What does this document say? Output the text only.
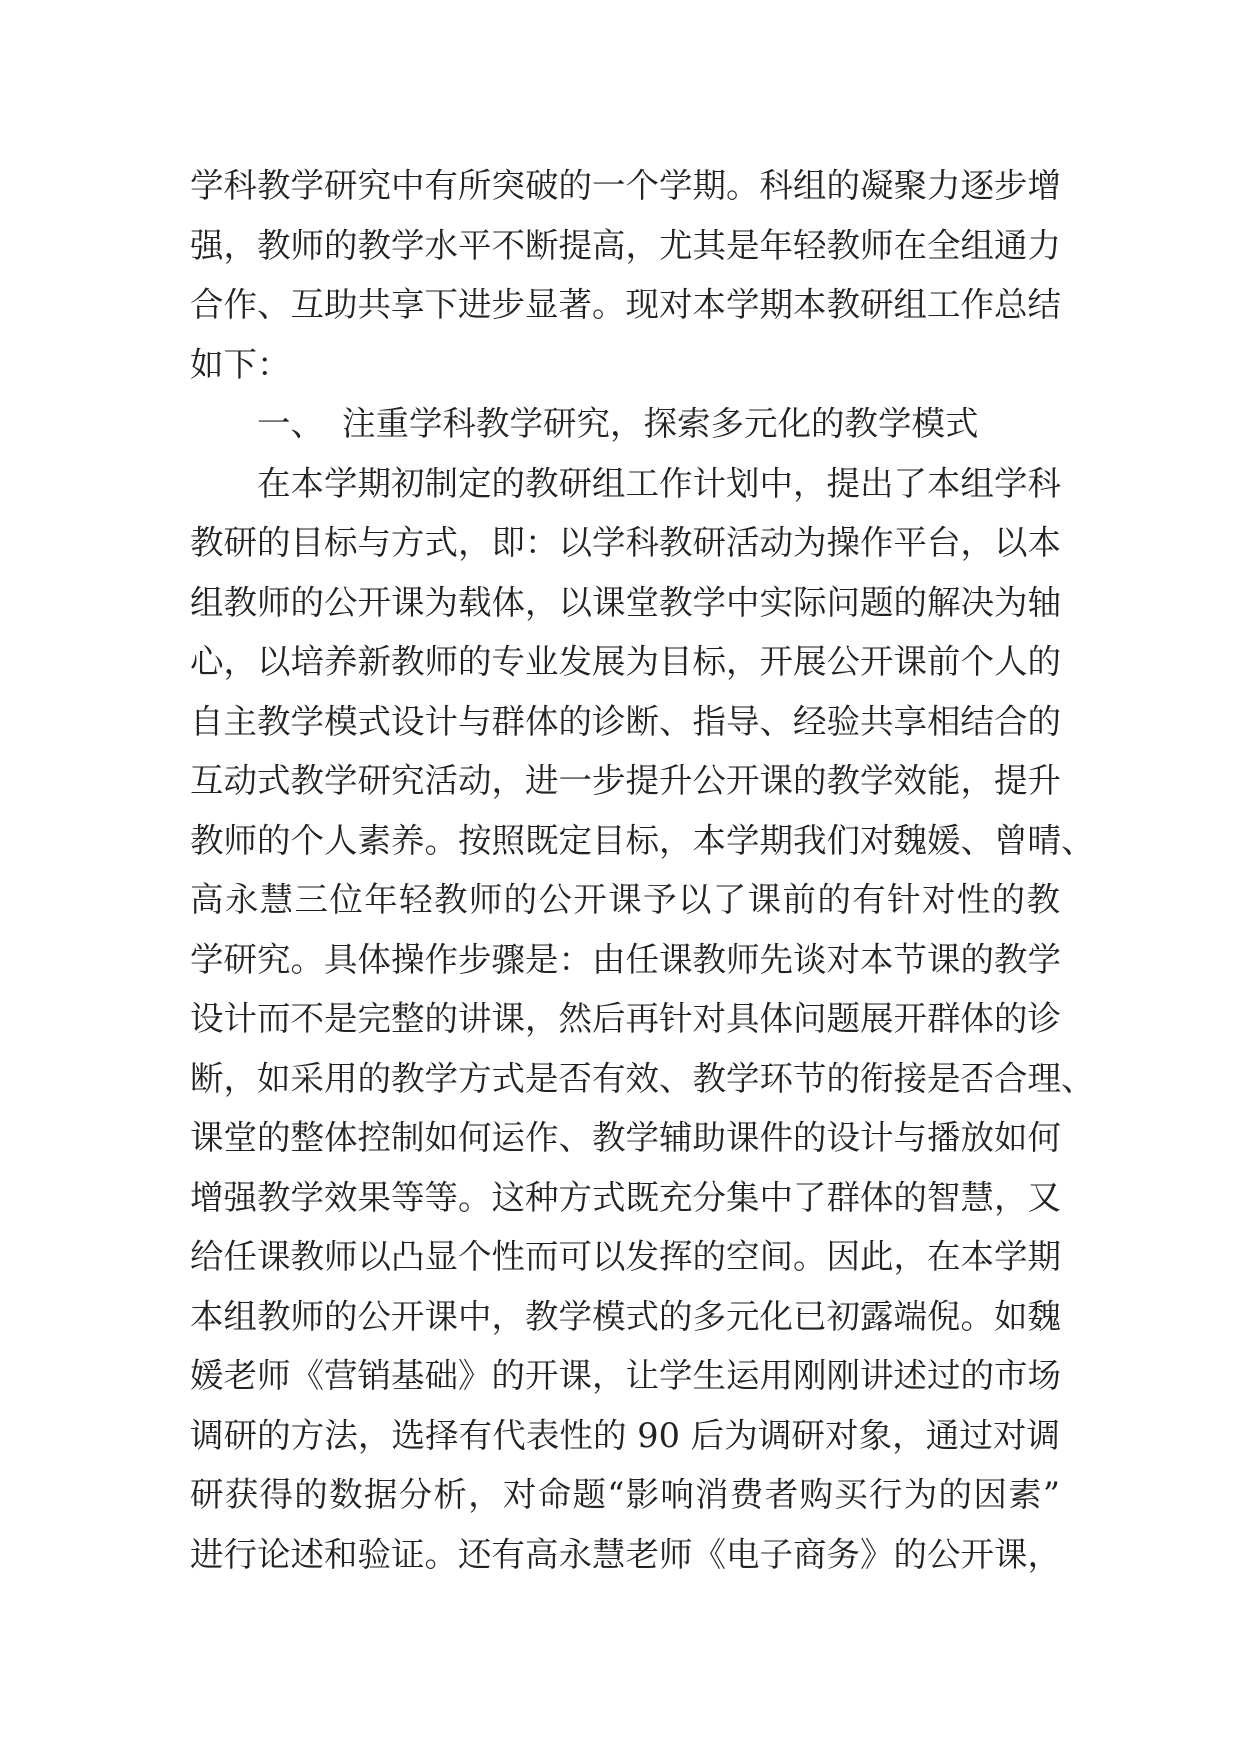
学科教学研究中有所突破的一个学期。科组的凝聚力逐步增
强，教师的教学水平不断提高，尤其是年轻教师在全组通力
合作、互助共享下进步显著。现对本学期本教研组工作总结
如下：
一、 注重学科教学研究，探索多元化的教学模式
在本学期初制定的教研组工作计划中，提出了本组学科
教研的目标与方式，即：以学科教研活动为操作平台，以本
组教师的公开课为载体，以课堂教学中实际问题的解决为轴
心，以培养新教师的专业发展为目标，开展公开课前个人的
自主教学模式设计与群体的诊断、指导、经验共享相结合的
互动式教学研究活动，进一步提升公开课的教学效能，提升
教师的个人素养。按照既定目标，本学期我们对魏媛、曾晴、
高永慧三位年轻教师的公开课予以了课前的有针对性的教
学研究。具体操作步骤是：由任课教师先谈对本节课的教学
设计而不是完整的讲课，然后再针对具体问题展开群体的诊
断，如采用的教学方式是否有效、教学环节的衔接是否合理、
课堂的整体控制如何运作、教学辅助课件的设计与播放如何
增强教学效果等等。这种方式既充分集中了群体的智慧，又
给任课教师以凸显个性而可以发挥的空间。因此，在本学期
本组教师的公开课中，教学模式的多元化已初露端倪。如魏
媛老师《营销基础》的开课，让学生运用刚刚讲述过的市场
调研的方法，选择有代表性的 90 后为调研对象，通过对调
研获得的数据分析，对命题“影响消费者购买行为的因素”
进行论述和验证。还有高永慧老师《电子商务》的公开课，
